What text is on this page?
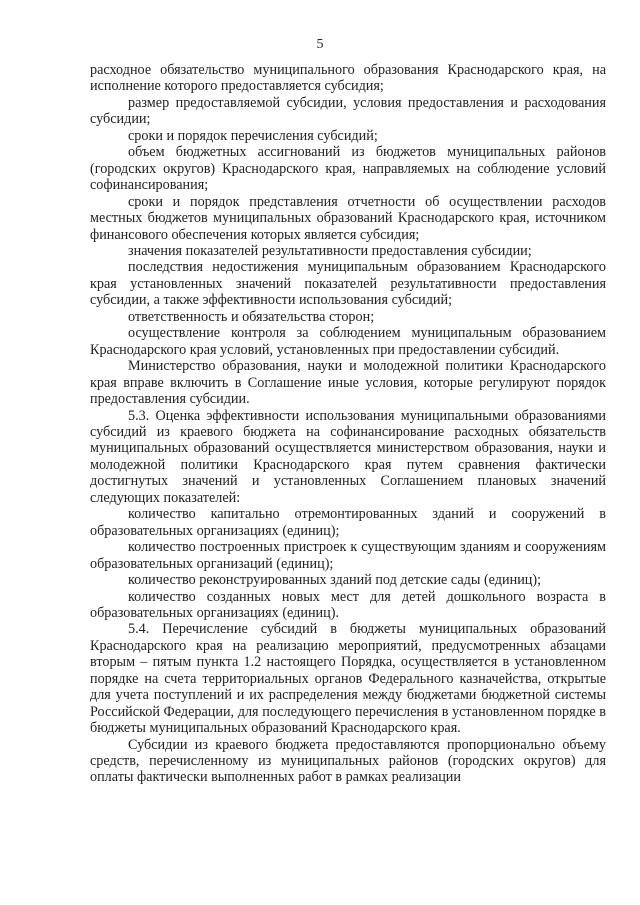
5

расходное обязательство муниципального образования Краснодарского края, на исполнение которого предоставляется субсидия;

размер предоставляемой субсидии, условия предоставления и расходования субсидии;

сроки и порядок перечисления субсидий;

объем бюджетных ассигнований из бюджетов муниципальных районов (городских округов) Краснодарского края, направляемых на соблюдение условий софинансирования;

сроки и порядок представления отчетности об осуществлении расходов местных бюджетов муниципальных образований Краснодарского края, источником финансового обеспечения которых является субсидия;

значения показателей результативности предоставления субсидии;

последствия недостижения муниципальным образованием Краснодарского края установленных значений показателей результативности предоставления субсидии, а также эффективности использования субсидий;

ответственность и обязательства сторон;

осуществление контроля за соблюдением муниципальным образованием Краснодарского края условий, установленных при предоставлении субсидий.

Министерство образования, науки и молодежной политики Краснодарского края вправе включить в Соглашение иные условия, которые регулируют порядок предоставления субсидии.

5.3. Оценка эффективности использования муниципальными образованиями субсидий из краевого бюджета на софинансирование расходных обязательств муниципальных образований осуществляется министерством образования, науки и молодежной политики Краснодарского края путем сравнения фактически достигнутых значений и установленных Соглашением плановых значений следующих показателей:

количество капитально отремонтированных зданий и сооружений в образовательных организациях (единиц);

количество построенных пристроек к существующим зданиям и сооружениям образовательных организаций (единиц);

количество реконструированных зданий под детские сады (единиц);

количество созданных новых мест для детей дошкольного возраста в образовательных организациях (единиц).

5.4. Перечисление субсидий в бюджеты муниципальных образований Краснодарского края на реализацию мероприятий, предусмотренных абзацами вторым – пятым пункта 1.2 настоящего Порядка, осуществляется в установленном порядке на счета территориальных органов Федерального казначейства, открытые для учета поступлений и их распределения между бюджетами бюджетной системы Российской Федерации, для последующего перечисления в установленном порядке в бюджеты муниципальных образований Краснодарского края.

Субсидии из краевого бюджета предоставляются пропорционально объему средств, перечисленному из муниципальных районов (городских округов) для оплаты фактически выполненных работ в рамках реализации
